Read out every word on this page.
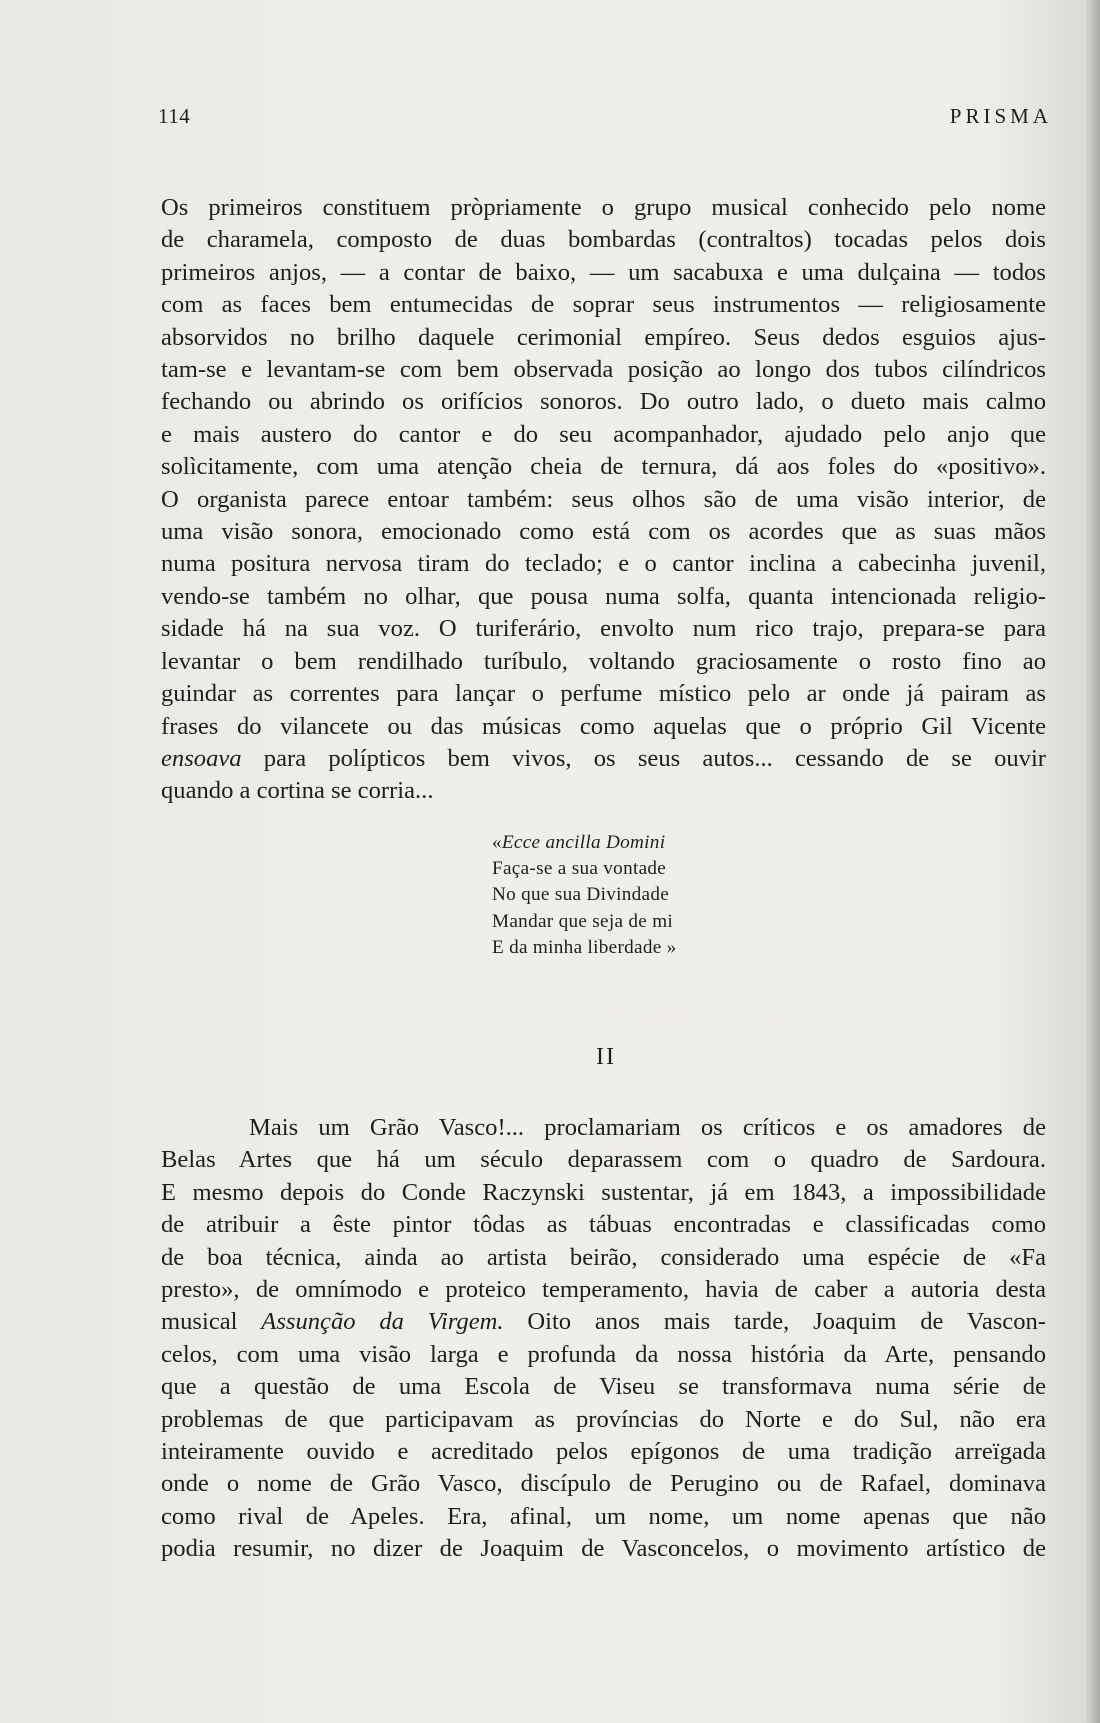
114	PRISMA
Os primeiros constituem pròpriamente o grupo musical conhecido pelo nome
de charamela, composto de duas bombardas (contraltos) tocadas pelos dois
primeiros anjos, — a contar de baixo, — um sacabuxa e uma dulçaina — todos
com as faces bem entumecidas de soprar seus instrumentos — religiosamente
absorvidos no brilho daquele cerimonial empíreo. Seus dedos esguios ajus-
tam-se e levantam-se com bem observada posição ao longo dos tubos cilíndricos
fechando ou abrindo os orifícios sonoros. Do outro lado, o dueto mais calmo
e mais austero do cantor e do seu acompanhador, ajudado pelo anjo que
solìcitamente, com uma atenção cheia de ternura, dá aos foles do «positivo».
O organista parece entoar também: seus olhos são de uma visão interior, de
uma visão sonora, emocionado como está com os acordes que as suas mãos
numa positura nervosa tiram do teclado; e o cantor inclina a cabecinha juvenil,
vendo-se também no olhar, que pousa numa solfa, quanta intencionada religio-
sidade há na sua voz. O turiferário, envolto num rico trajo, prepara-se para
levantar o bem rendilhado turíbulo, voltando graciosamente o rosto fino ao
guindar as correntes para lançar o perfume místico pelo ar onde já pairam as
frases do vilancete ou das músicas como aquelas que o próprio Gil Vicente
ensoava para polípticos bem vivos, os seus autos... cessando de se ouvir
quando a cortina se corria...
«Ecce ancilla Domini
Faça-se a sua vontade
No que sua Divindade
Mandar que seja de mi
E da minha liberdade »
II
Mais um Grão Vasco!... proclamariam os críticos e os amadores de
Belas Artes que há um século deparassem com o quadro de Sardoura.
E mesmo depois do Conde Raczynski sustentar, já em 1843, a impossibilidade
de atribuir a êste pintor tôdas as tábuas encontradas e classificadas como
de boa técnica, ainda ao artista beirão, considerado uma espécie de «Fa
presto», de omnímodo e proteico temperamento, havia de caber a autoria desta
musical Assunção da Virgem. Oito anos mais tarde, Joaquim de Vascon-
celos, com uma visão larga e profunda da nossa história da Arte, pensando
que a questão de uma Escola de Viseu se transformava numa série de
problemas de que participavam as províncias do Norte e do Sul, não era
inteiramente ouvido e acreditado pelos epígonos de uma tradição arreïgada
onde o nome de Grão Vasco, discípulo de Perugino ou de Rafael, dominava
como rival de Apeles. Era, afinal, um nome, um nome apenas que não
podia resumir, no dizer de Joaquim de Vasconcelos, o movimento artístico de
